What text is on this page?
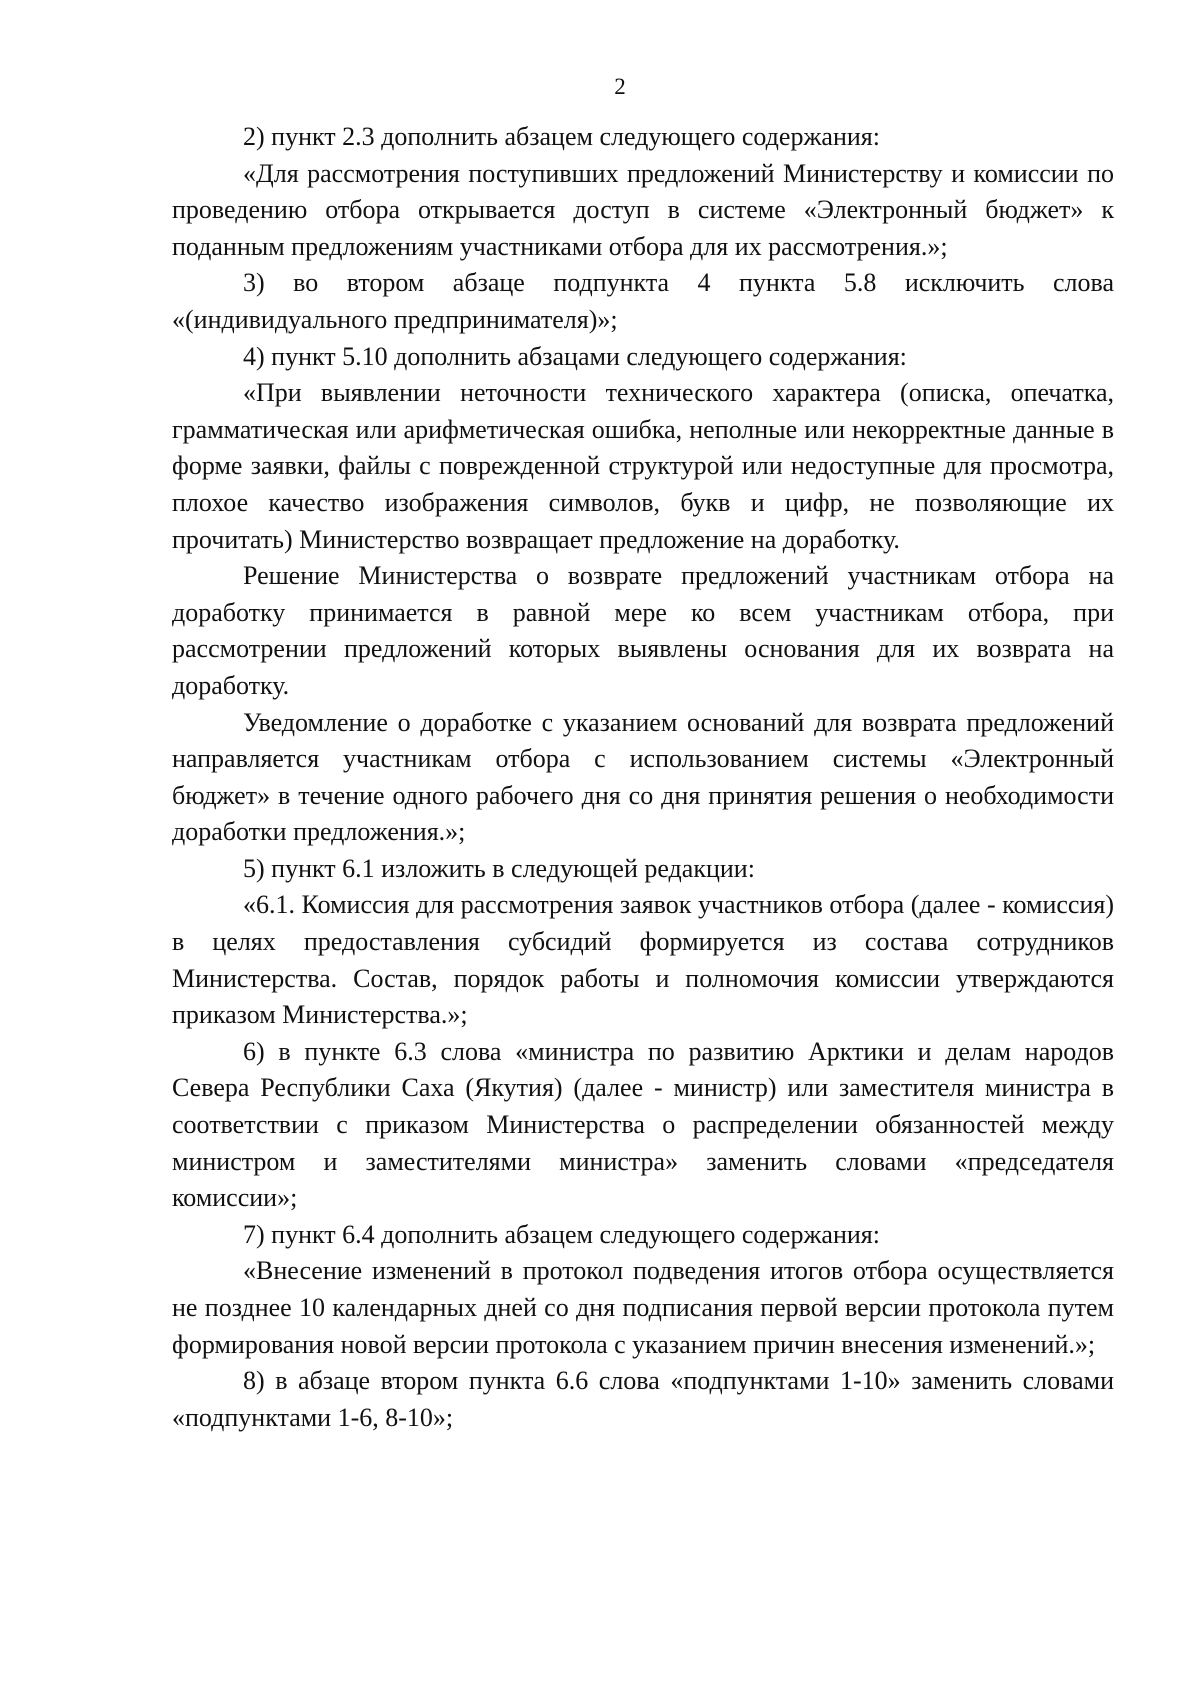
2

2) пункт 2.3 дополнить абзацем следующего содержания:

«Для рассмотрения поступивших предложений Министерству и комиссии по проведению отбора открывается доступ в системе «Электронный бюджет» к поданным предложениям участниками отбора для их рассмотрения.»;

3) во втором абзаце подпункта 4 пункта 5.8 исключить слова «(индивидуального предпринимателя)»;

4) пункт 5.10 дополнить абзацами следующего содержания:

«При выявлении неточности технического характера (описка, опечатка, грамматическая или арифметическая ошибка, неполные или некорректные данные в форме заявки, файлы с поврежденной структурой или недоступные для просмотра, плохое качество изображения символов, букв и цифр, не позволяющие их прочитать) Министерство возвращает предложение на доработку.

Решение Министерства о возврате предложений участникам отбора на доработку принимается в равной мере ко всем участникам отбора, при рассмотрении предложений которых выявлены основания для их возврата на доработку.

Уведомление о доработке с указанием оснований для возврата предложений направляется участникам отбора с использованием системы «Электронный бюджет» в течение одного рабочего дня со дня принятия решения о необходимости доработки предложения.»;

5) пункт 6.1 изложить в следующей редакции:

«6.1. Комиссия для рассмотрения заявок участников отбора (далее - комиссия) в целях предоставления субсидий формируется из состава сотрудников Министерства. Состав, порядок работы и полномочия комиссии утверждаются приказом Министерства.»;

6) в пункте 6.3 слова «министра по развитию Арктики и делам народов Севера Республики Саха (Якутия) (далее - министр) или заместителя министра в соответствии с приказом Министерства о распределении обязанностей между министром и заместителями министра» заменить словами «председателя комиссии»;

7) пункт 6.4 дополнить абзацем следующего содержания:

«Внесение изменений в протокол подведения итогов отбора осуществляется не позднее 10 календарных дней со дня подписания первой версии протокола путем формирования новой версии протокола с указанием причин внесения изменений.»;

8) в абзаце втором пункта 6.6 слова «подпунктами 1-10» заменить словами «подпунктами 1-6, 8-10»;
